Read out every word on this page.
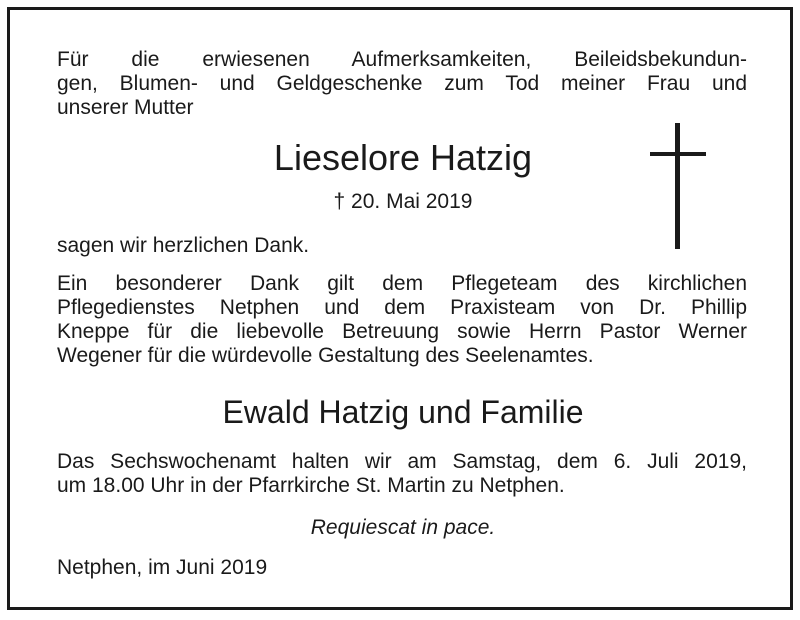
Für die erwiesenen Aufmerksamkeiten, Beileidsbekundun-
gen, Blumen- und Geldgeschenke zum Tod meiner Frau und
unserer Mutter

Lieselore Hatzig
† 20. Mai 2019

sagen wir herzlichen Dank.

Ein besonderer Dank gilt dem Pflegeteam des kirchlichen
Pflegedienstes Netphen und dem Praxisteam von Dr. Phillip
Kneppe für die liebevolle Betreuung sowie Herrn Pastor Werner
Wegener für die würdevolle Gestaltung des Seelenamtes.

Ewald Hatzig und Familie

Das Sechswochenamt halten wir am Samstag, dem 6. Juli 2019,
um 18.00 Uhr in der Pfarrkirche St. Martin zu Netphen.

Requiescat in pace.

Netphen, im Juni 2019
